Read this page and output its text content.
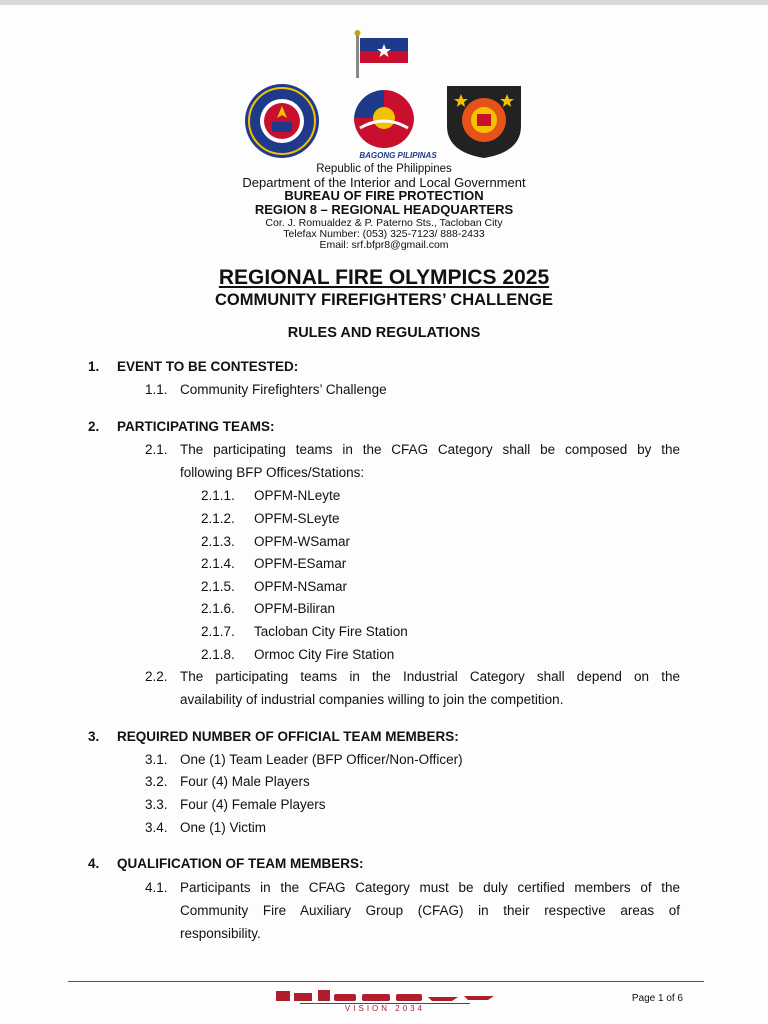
BAGONG PILIPINAS
Republic of the Philippines
Department of the Interior and Local Government
BUREAU OF FIRE PROTECTION
REGION 8 – REGIONAL HEADQUARTERS
Cor. J. Romualdez & P. Paterno Sts., Tacloban City
Telefax Number: (053) 325-7123/ 888-2433
Email: srf.bfpr8@gmail.com
REGIONAL FIRE OLYMPICS 2025
COMMUNITY FIREFIGHTERS’ CHALLENGE
RULES AND REGULATIONS
1. EVENT TO BE CONTESTED:
1.1. Community Firefighters’ Challenge
2. PARTICIPATING TEAMS:
2.1. The participating teams in the CFAG Category shall be composed by the
following BFP Offices/Stations:
2.1.1. OPFM-NLeyte
2.1.2. OPFM-SLeyte
2.1.3. OPFM-WSamar
2.1.4. OPFM-ESamar
2.1.5. OPFM-NSamar
2.1.6. OPFM-Biliran
2.1.7. Tacloban City Fire Station
2.1.8. Ormoc City Fire Station
2.2. The participating teams in the Industrial Category shall depend on the
availability of industrial companies willing to join the competition.
3. REQUIRED NUMBER OF OFFICIAL TEAM MEMBERS:
3.1. One (1) Team Leader (BFP Officer/Non-Officer)
3.2. Four (4) Male Players
3.3. Four (4) Female Players
3.4. One (1) Victim
4. QUALIFICATION OF TEAM MEMBERS:
4.1. Participants in the CFAG Category must be duly certified members of the
Community Fire Auxiliary Group (CFAG) in their respective areas of
responsibility.
VISION 2034
Page 1 of 6
